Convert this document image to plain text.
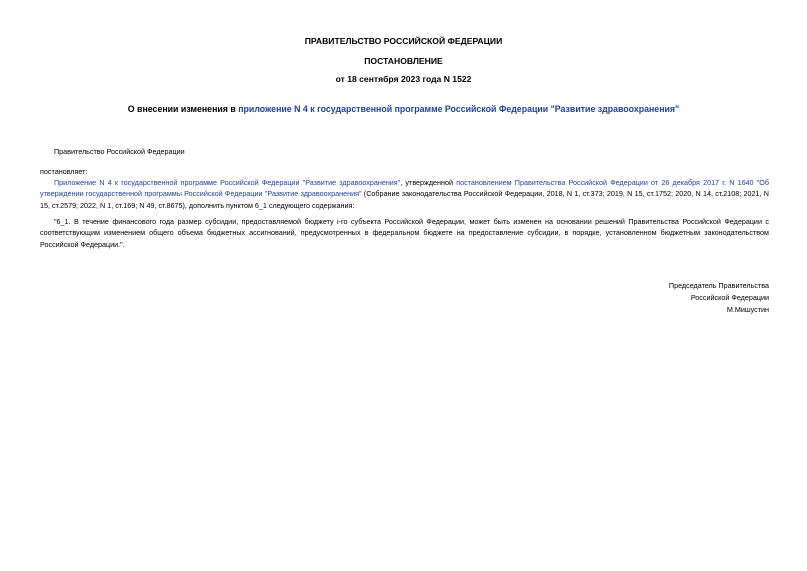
ПРАВИТЕЛЬСТВО РОССИЙСКОЙ ФЕДЕРАЦИИ
ПОСТАНОВЛЕНИЕ
от 18 сентября 2023 года N 1522
О внесении изменения в приложение N 4 к государственной программе Российской Федерации "Развитие здравоохранения"
Правительство Российской Федерации
постановляет:
Приложение N 4 к государственной программе Российской Федерации "Развитие здравоохранения", утвержденной постановлением Правительства Российской Федерации от 26 декабря 2017 г. N 1640 "Об утверждении государственной программы Российской Федерации "Развитие здравоохранения" (Собрание законодательства Российской Федерации, 2018, N 1, ст.373; 2019, N 15, ст.1752; 2020, N 14, ст.2108; 2021, N 15, ст.2579; 2022, N 1, ст.169; N 49, ст.8675), дополнить пунктом 6_1 следующего содержания:
"6_1. В течение финансового года размер субсидии, предоставляемой бюджету i-го субъекта Российской Федерации, может быть изменен на основании решений Правительства Российской Федерации с соответствующим изменением общего объема бюджетных ассигнований, предусмотренных в федеральном бюджете на предоставление субсидии, в порядке, установленном бюджетным законодательством Российской Федерации.".
Председатель Правительства
Российской Федерации
М.Мишустин
